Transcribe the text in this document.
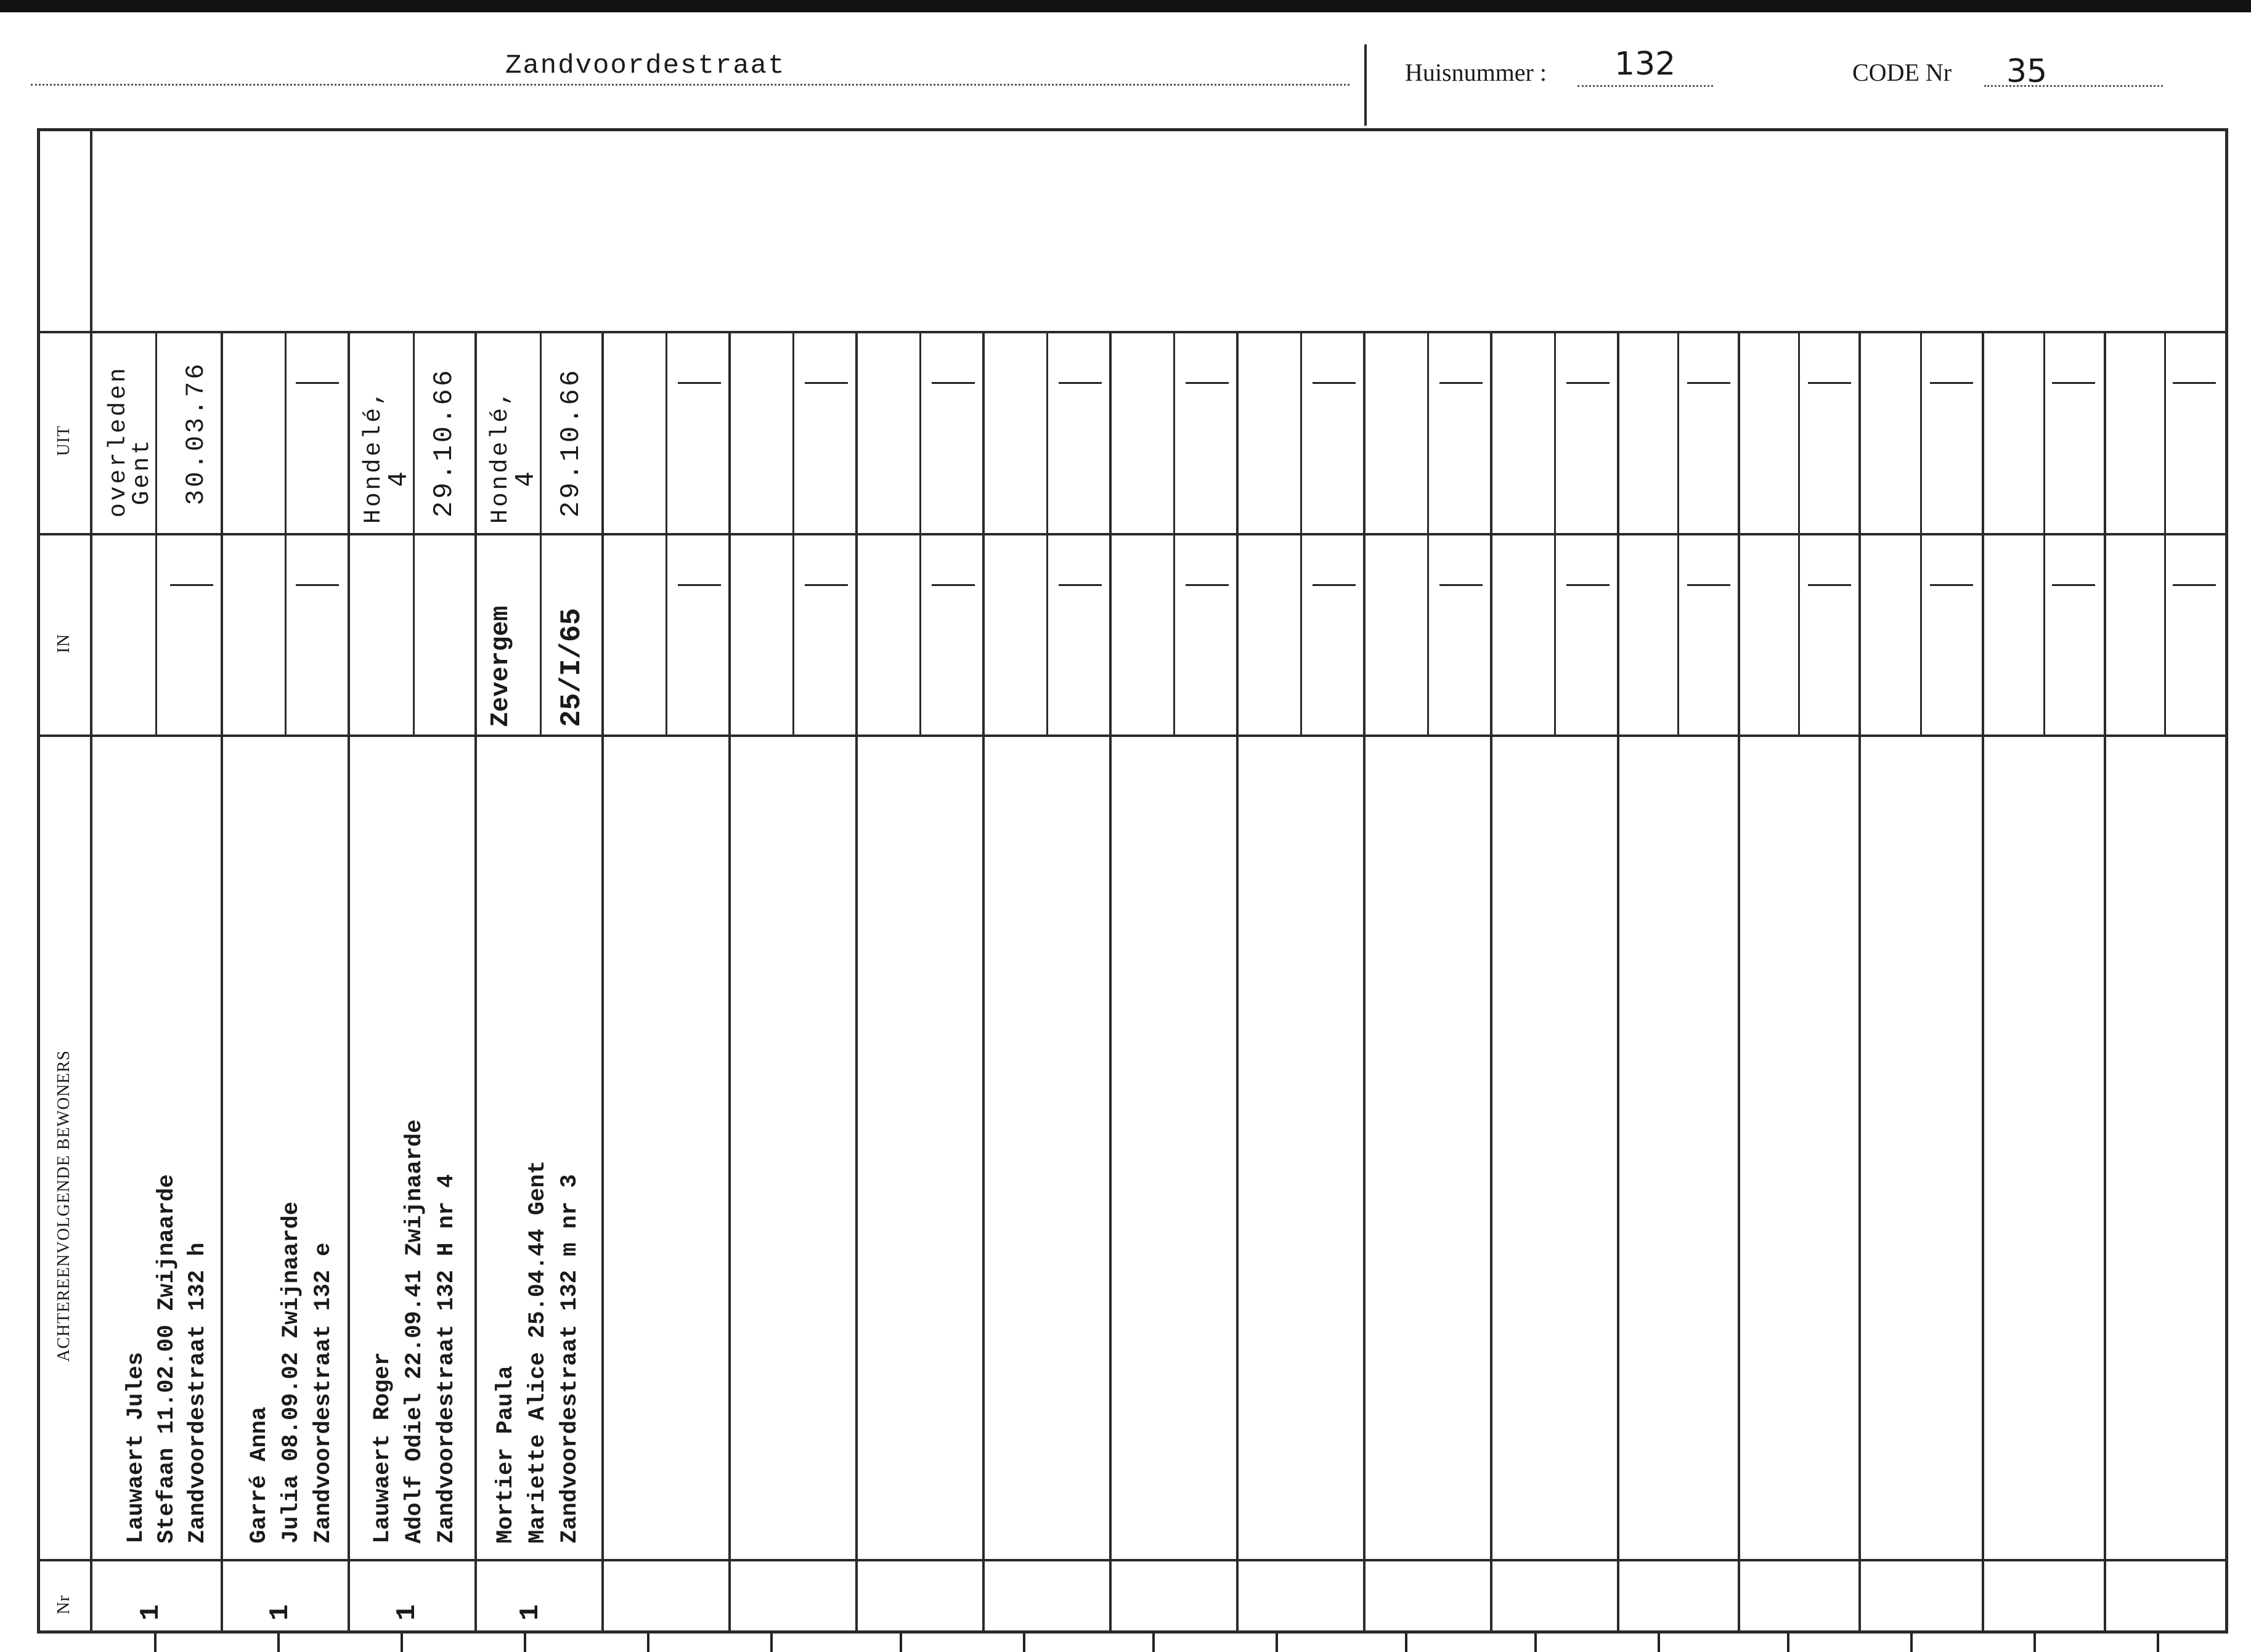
Zandvoordestraat	Huisnummer : 132	CODE Nr 35
UIT
IN
ACHTEREENVOLGENDE BEWONERS
Nr
overleden
Gent 30.03.76
Lauwaert Jules Stefaan 11.02.00 Zwijnaarde Zandvoordestraat 132 h
1
Garré Anna Julia 08.09.02 Zwijnaarde Zandvoordestraat 132 e
1
Hondelé,
4 29.10.66
Lauwaert Roger Adolf Odiel 22.09.41 Zwijnaarde Zandvoordestraat 132 H nr 4
1
Hondelé,
4 29.10.66
Zevergem 25/I/65
Mortier Paula Mariette Alice 25.04.44 Gent Zandvoordestraat 132 m nr 3
1
